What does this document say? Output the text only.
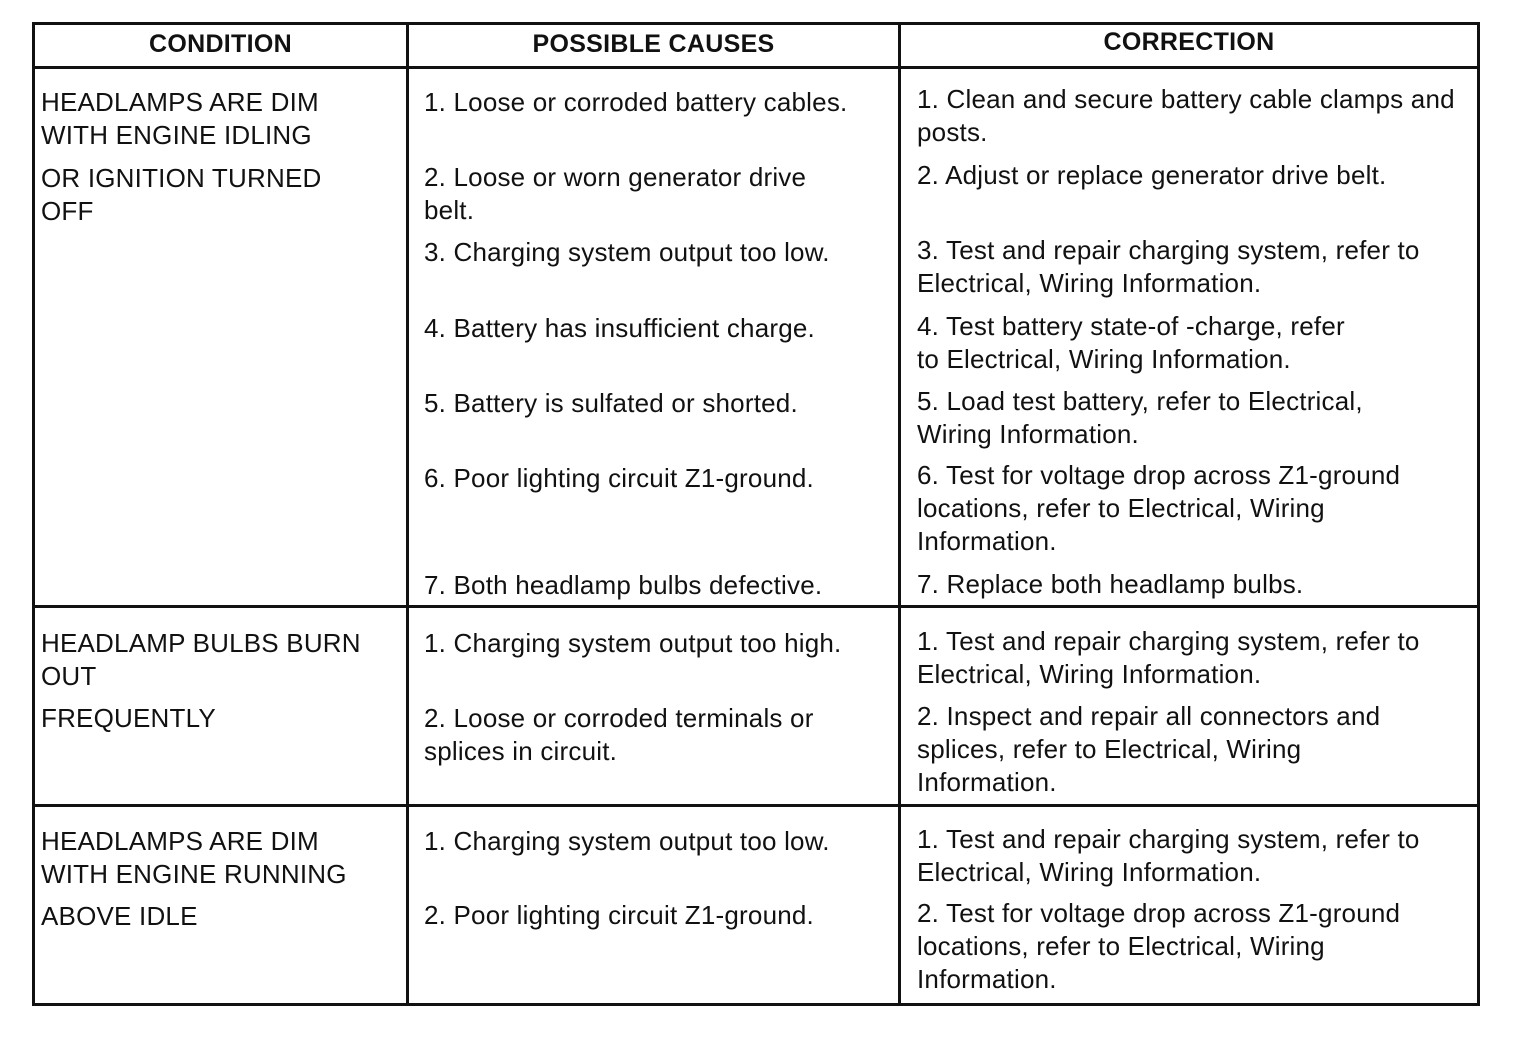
CONDITION	POSSIBLE CAUSES	CORRECTION
HEADLAMPS ARE DIM WITH ENGINE IDLING
OR IGNITION TURNED OFF
1. Loose or corroded battery cables.
2. Loose or worn generator drive belt.
3. Charging system output too low.
4. Battery has insufficient charge.
5. Battery is sulfated or shorted.
6. Poor lighting circuit Z1-ground.
7. Both headlamp bulbs defective.
1. Clean and secure battery cable clamps and posts.
2. Adjust or replace generator drive belt.
3. Test and repair charging system, refer to Electrical, Wiring Information.
4. Test battery state-of -charge, refer to Electrical, Wiring Information.
5. Load test battery, refer to Electrical, Wiring Information.
6. Test for voltage drop across Z1-ground locations, refer to Electrical, Wiring Information.
7. Replace both headlamp bulbs.
HEADLAMP BULBS BURN OUT
FREQUENTLY
1. Charging system output too high.
2. Loose or corroded terminals or splices in circuit.
1. Test and repair charging system, refer to Electrical, Wiring Information.
2. Inspect and repair all connectors and splices, refer to Electrical, Wiring Information.
HEADLAMPS ARE DIM WITH ENGINE RUNNING
ABOVE IDLE
1. Charging system output too low.
2. Poor lighting circuit Z1-ground.
1. Test and repair charging system, refer to Electrical, Wiring Information.
2. Test for voltage drop across Z1-ground locations, refer to Electrical, Wiring Information.
